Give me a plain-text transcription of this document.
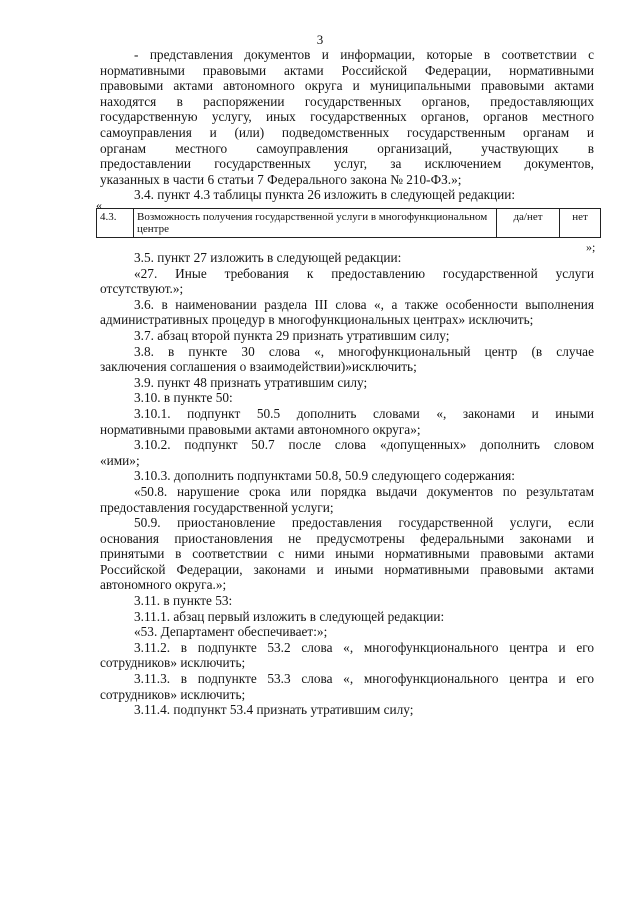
3

- представления документов и информации, которые в соответствии с

нормативными правовыми актами Российской Федерации, нормативными

правовыми актами автономного округа и муниципальными правовыми актами

находятся в распоряжении государственных органов, предоставляющих

государственную услугу, иных государственных органов, органов местного

самоуправления и (или) подведомственных государственным органам и

органам местного самоуправления организаций, участвующих в

предоставлении государственных услуг, за исключением документов,

указанных в части 6 статьи 7 Федерального закона № 210-ФЗ.»;

3.4. пункт 4.3 таблицы пункта 26 изложить в следующей редакции:

«
4.3.	Возможность получения государственной услуги в многофункциональном центре	да/нет	нет
»;

3.5. пункт 27 изложить в следующей редакции:

«27. Иные требования к предоставлению государственной услуги

отсутствуют.»;

3.6. в наименовании раздела III слова «, а также особенности выполнения

административных процедур в многофункциональных центрах» исключить;

3.7. абзац второй пункта 29 признать утратившим силу;

3.8. в пункте 30 слова «, многофункциональный центр (в случае

заключения соглашения о взаимодействии)»исключить;

3.9. пункт 48 признать утратившим силу;

3.10. в пункте 50:

3.10.1. подпункт 50.5 дополнить словами «, законами и иными

нормативными правовыми актами автономного округа»;

3.10.2. подпункт 50.7 после слова «допущенных» дополнить словом

«ими»;

3.10.3. дополнить подпунктами 50.8, 50.9 следующего содержания:

«50.8. нарушение срока или порядка выдачи документов по результатам

предоставления государственной услуги;

50.9. приостановление предоставления государственной услуги, если

основания приостановления не предусмотрены федеральными законами и

принятыми в соответствии с ними иными нормативными правовыми актами

Российской Федерации, законами и иными нормативными правовыми актами

автономного округа.»;

3.11. в пункте 53:

3.11.1. абзац первый изложить в следующей редакции:

«53. Департамент обеспечивает:»;

3.11.2. в подпункте 53.2 слова «, многофункционального центра и его

сотрудников» исключить;

3.11.3. в подпункте 53.3 слова «, многофункционального центра и его

сотрудников» исключить;

3.11.4. подпункт 53.4 признать утратившим силу;
